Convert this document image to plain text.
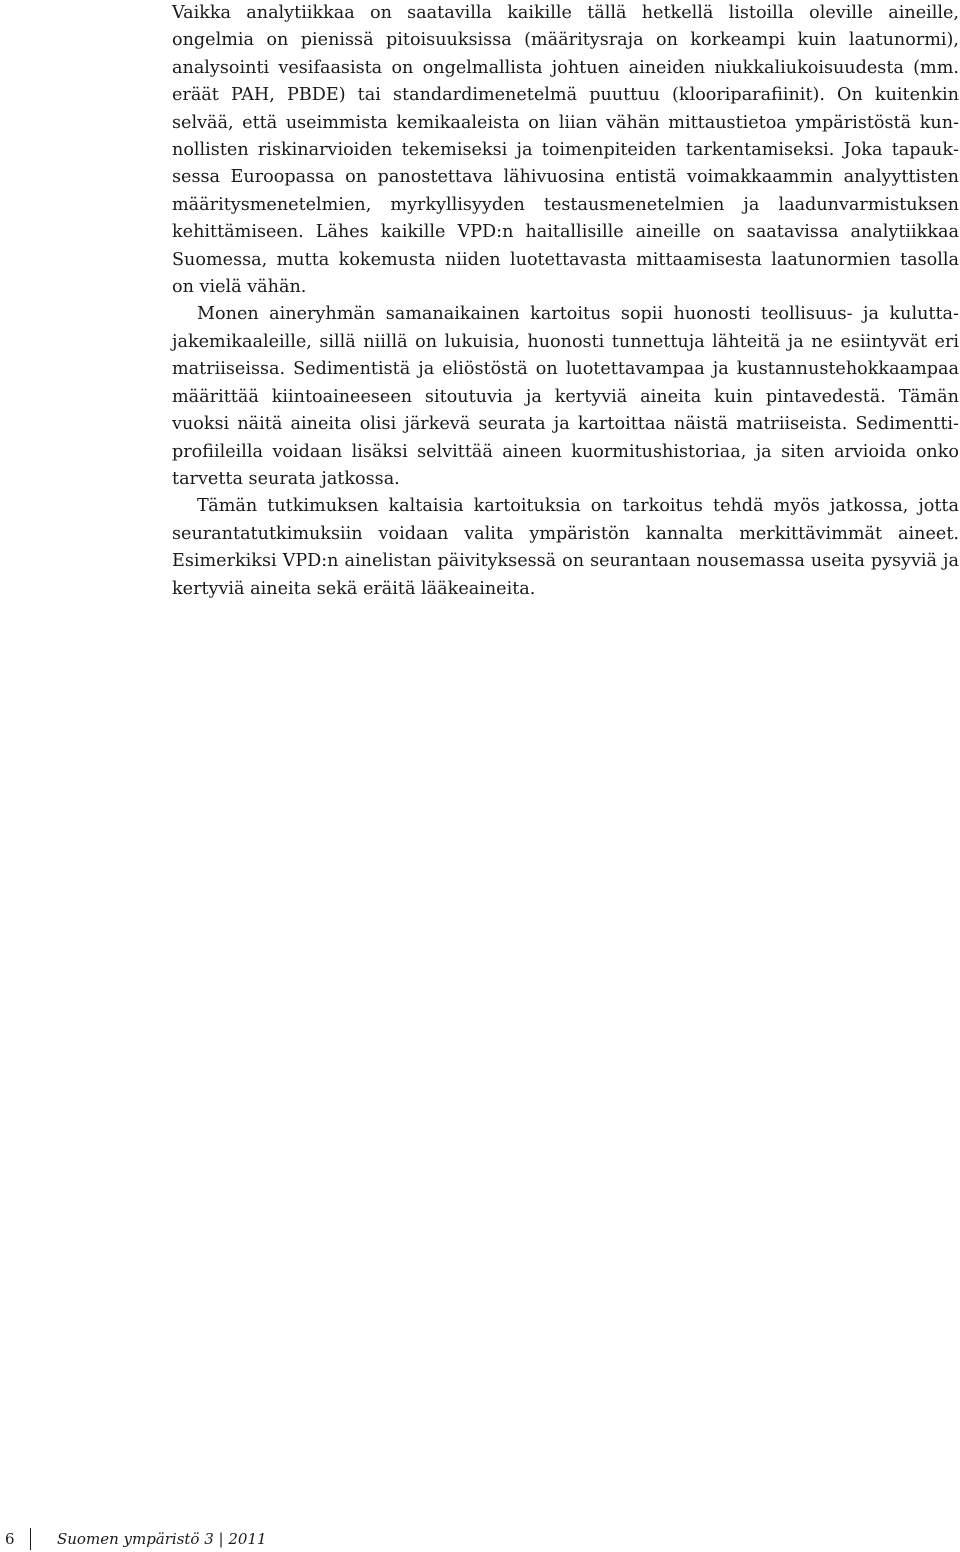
Vaikka analytiikkaa on saatavilla kaikille tällä hetkellä listoilla oleville aineille, ongelmia on pienissä pitoisuuksissa (määritysraja on korkeampi kuin laatunormi), analysointi vesifaasista on ongelmallista johtuen aineiden niukkaliukoisuudesta (mm. eräät PAH, PBDE) tai standardimenetelmä puuttuu (klooriparafiinit). On kuitenkin selvää, että useimmista kemikaaleista on liian vähän mittaustietoa ympäristöstä kunnollisten riskinarvioiden tekemiseksi ja toimenpiteiden tarkentamiseksi. Joka tapauksessa Euroopassa on panostettava lähivuosina entistä voimakkaammin analyyttisten määritysmenetelmien, myrkyllisyyden testausmenetelmien ja laadunvarmistuksen kehittämiseen. Lähes kaikille VPD:n haitallisille aineille on saatavissa analytiikkaa Suomessa, mutta kokemusta niiden luotettavasta mittaamisesta laatunormien tasolla on vielä vähän.

Monen aineryhmän samanaikainen kartoitus sopii huonosti teollisuus- ja kuluttajakemikaaleille, sillä niillä on lukuisia, huonosti tunnettuja lähteitä ja ne esiintyvät eri matriiseissa. Sedimentistä ja eliöstöstä on luotettavampaa ja kustannustehokkaampaa määrittää kiintoaineeseen sitoutuvia ja kertyviä aineita kuin pintavedestä. Tämän vuoksi näitä aineita olisi järkevä seurata ja kartoittaa näistä matriiseista. Sedimenttiprofiileilla voidaan lisäksi selvittää aineen kuormitushistoriaa, ja siten arvioida onko tarvetta seurata jatkossa.

Tämän tutkimuksen kaltaisia kartoituksia on tarkoitus tehdä myös jatkossa, jotta seurantatutkimuksiin voidaan valita ympäristön kannalta merkittävimmät aineet. Esimerkiksi VPD:n ainelistan päivityksessä on seurantaan nousemassa useita pysyviä ja kertyviä aineita sekä eräitä lääkeaineita.

6	Suomen ympäristö 3 | 2011
